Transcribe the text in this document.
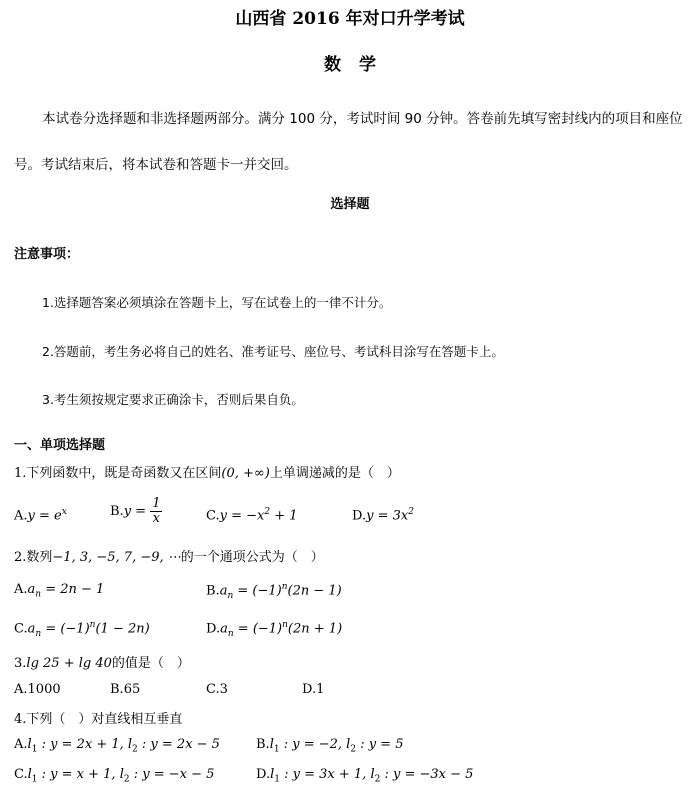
山西省 2016 年对口升学考试
数学
本试卷分选择题和非选择题两部分。满分 100 分，考试时间 90 分钟。答卷前先填写密封线内的项目和座位号。考试结束后，将本试卷和答题卡一并交回。
选择题
注意事项：
1.选择题答案必须填涂在答题卡上，写在试卷上的一律不计分。
2.答题前，考生务必将自己的姓名、准考证号、座位号、考试科目涂写在答题卡上。
3.考生须按规定要求正确涂卡，否则后果自负。
一、单项选择题
1.下列函数中，既是奇函数又在区间(0, +∞)上单调递减的是（　）
$A.y = e^x$	$B.y = \frac{1}{x}$	$C.y = -x^2 + 1$	$D.y = 3x^2$
2.数列−1, 3, −5, 7, −9, ⋯的一个通项公式为（　）
$A.a_n = 2n - 1$	$B.a_n = (-1)^n(2n - 1)$
$C.a_n = (-1)^n(1 - 2n)$	$D.a_n = (-1)^n(2n + 1)$
3.lg 25 + lg 40的值是（　）
A.1000	B.65	C.3	D.1
4.下列（　）对直线相互垂直
$A.l_1$ : y = 2x + 1, $l_2$ : y = 2x − 5	$B.l_1$ : y = −2, $l_2$ : y = 5
$C.l_1$ : y = x + 1, $l_2$ : y = −x − 5	$D.l_1$ : y = 3x + 1, $l_2$ : y = −3x − 5
